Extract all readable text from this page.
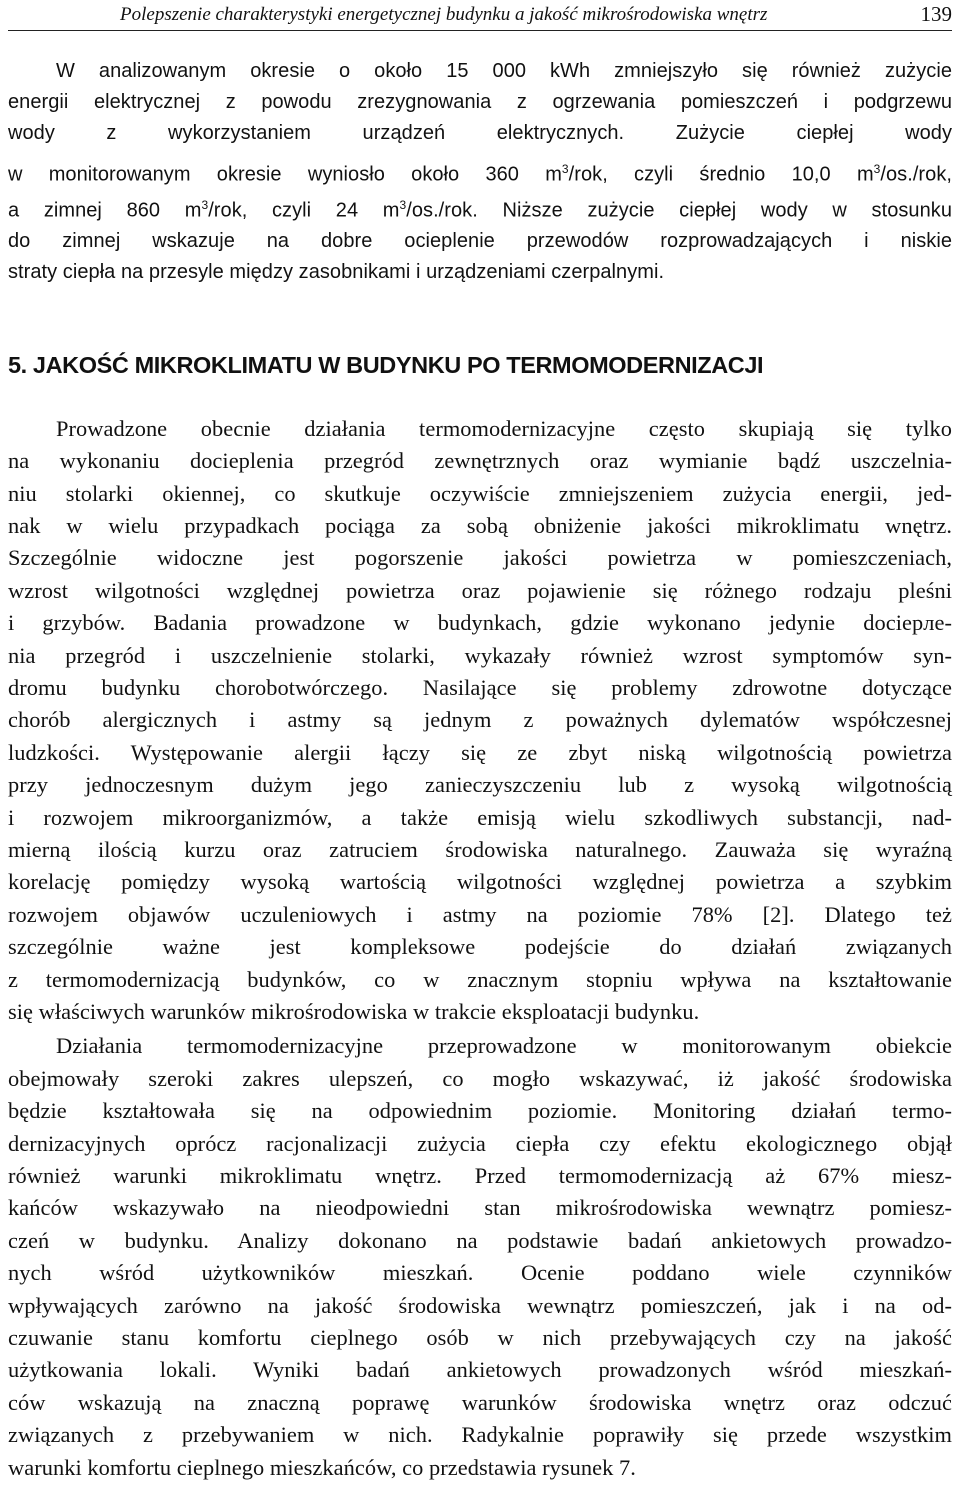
Polepszenie charakterystyki energetycznej budynku a jakość mikrośrodowiska wnętrz	139

W analizowanym okresie o około 15 000 kWh zmniejszyło się również zużycie

energii elektrycznej z powodu zrezygnowania z ogrzewania pomieszczeń i podgrzewu

wody z wykorzystaniem urządzeń elektrycznych. Zużycie ciepłej wody

w monitorowanym okresie wyniosło około 360 $m^3$/rok, czyli średnio 10,0 $m^3/os$./rok,

a zimnej 860 $m^3$/rok, czyli 24 $m^3/os$./rok. Niższe zużycie ciepłej wody w stosunku

do zimnej wskazuje na dobre ocieplenie przewodów rozprowadzających i niskie

straty ciepła na przesyle między zasobnikami i urządzeniami czerpalnymi.

5. JAKOŚĆ MIKROKLIMATU W BUDYNKU PO TERMOMODERNIZACJI

Prowadzone obecnie działania termomodernizacyjne często skupiają się tylko

na wykonaniu docieplenia przegród zewnętrznych oraz wymianie bądź uszczelnia-

niu stolarki okiennej, co skutkuje oczywiście zmniejszeniem zużycia energii, jed-

nak w wielu przypadkach pociąga za sobą obniżenie jakości mikroklimatu wnętrz.

Szczególnie widoczne jest pogorszenie jakości powietrza w pomieszczeniach,

wzrost wilgotności względnej powietrza oraz pojawienie się różnego rodzaju pleśni

i grzybów. Badania prowadzone w budynkach, gdzie wykonano jedynie dociepле-

nia przegród i uszczelnienie stolarki, wykazały również wzrost symptomów syn-

dromu budynku chorobotwórczego. Nasilające się problemy zdrowotne dotyczące

chorób alergicznych i astmy są jednym z poważnych dylematów współczesnej

ludzkości. Występowanie alergii łączy się ze zbyt niską wilgotnością powietrza

przy jednoczesnym dużym jego zanieczyszczeniu lub z wysoką wilgotnością

i rozwojem mikroorganizmów, a także emisją wielu szkodliwych substancji, nad-

mierną ilością kurzu oraz zatruciem środowiska naturalnego. Zauważa się wyraźną

korelację pomiędzy wysoką wartością wilgotności względnej powietrza a szybkim

rozwojem objawów uczuleniowych i astmy na poziomie 78% [2]. Dlatego też

szczególnie ważne jest kompleksowe podejście do działań związanych

z termomodernizacją budynków, co w znacznym stopniu wpływa na kształtowanie

się właściwych warunków mikrośrodowiska w trakcie eksploatacji budynku.

Działania termomodernizacyjne przeprowadzone w monitorowanym obiekcie

obejmowały szeroki zakres ulepszeń, co mogło wskazywać, iż jakość środowiska

będzie kształtowała się na odpowiednim poziomie. Monitoring działań termo-

dernizacyjnych oprócz racjonalizacji zużycia ciepła czy efektu ekologicznego objął

również warunki mikroklimatu wnętrz. Przed termomodernizacją aż 67% miesz-

kańców wskazywało na nieodpowiedni stan mikrośrodowiska wewnątrz pomiesz-

czeń w budynku. Analizy dokonano na podstawie badań ankietowych prowadzo-

nych wśród użytkowników mieszkań. Ocenie poddano wiele czynników

wpływających zarówno na jakość środowiska wewnątrz pomieszczeń, jak i na od-

czuwanie stanu komfortu cieplnego osób w nich przebywających czy na jakość

użytkowania lokali. Wyniki badań ankietowych prowadzonych wśród mieszkań-

ców wskazują na znaczną poprawę warunków środowiska wnętrz oraz odczuć

związanych z przebywaniem w nich. Radykalnie poprawiły się przede wszystkim

warunki komfortu cieplnego mieszkańców, co przedstawia rysunek 7.
